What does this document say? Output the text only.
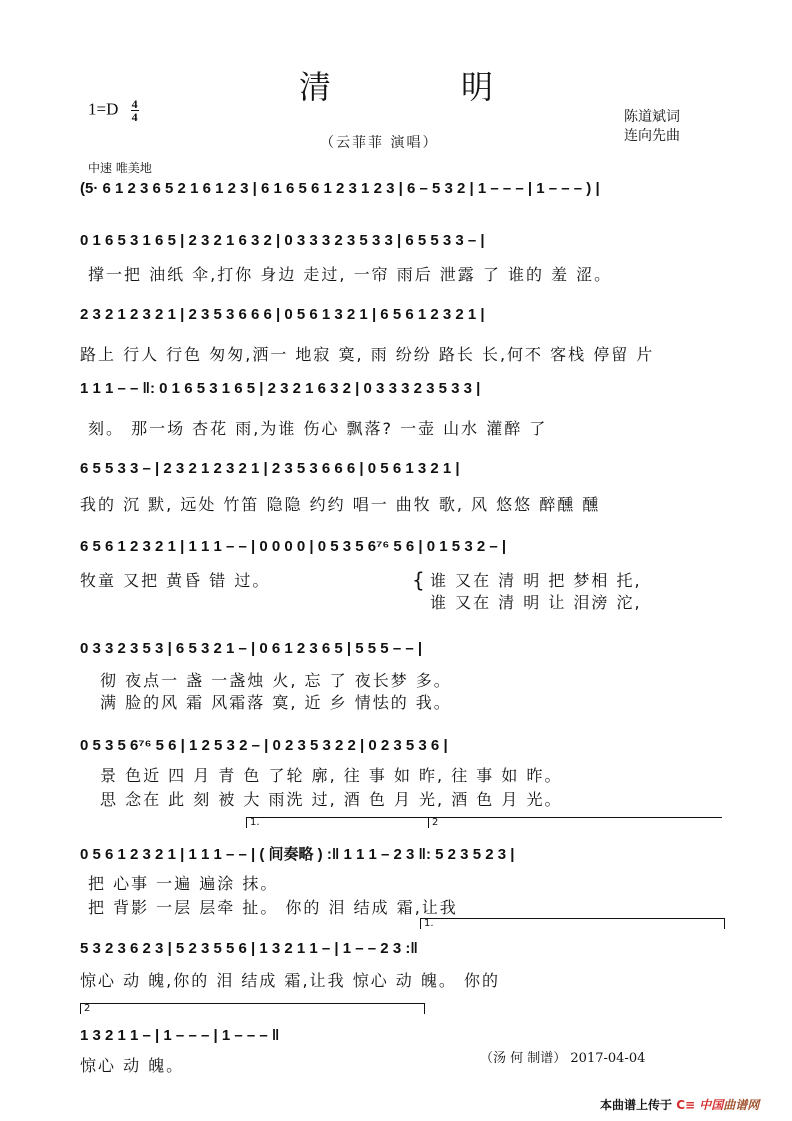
清	明
$1=D \frac{4}{4}$
（云菲菲 演唱）
陈道斌词
连向先曲
中速 唯美地
(5· 6 1 2 3 6 5 2 1 6 1 2 3 | 6 1 6 5 6 1 2 3 1 2 3 | 6 – 5 3 2 | 1 – – – | 1 – – – ) |
0 1 6 5 3 1 6 5 | 2 3 2 1 6 3 2 | 0 3 3 3 2 3 5 3 3 | 6 5 5 3 3 – |
撑一把 油纸 伞,打你 身边 走过, 一帘 雨后 泄露 了 谁的 羞 涩。
2 3 2 1 2 3 2 1 | 2 3 5 3 6 6 6 | 0 5 6 1 3 2 1 | 6 5 6 1 2 3 2 1 |
路上 行人 行色 匆匆,洒一 地寂 寞, 雨 纷纷 路长 长,何不 客栈 停留 片
1 1 1 – – ‖: 0 1 6 5 3 1 6 5 | 2 3 2 1 6 3 2 | 0 3 3 3 2 3 5 3 3 |
刻。 那一场 杏花 雨,为谁 伤心 飘落? 一壶 山水 灌醉 了
6 5 5 3 3 – | 2 3 2 1 2 3 2 1 | 2 3 5 3 6 6 6 | 0 5 6 1 3 2 1 |
我的 沉 默, 远处 竹笛 隐隐 约约 唱一 曲牧 歌, 风 悠悠 醉醺 醺
6 5 6 1 2 3 2 1 | 1 1 1 – – | 0 0 0 0 | 0 5 3 5 6⁷⁶ 5 6 | 0 1 5 3 2 – |
牧童 又把 黄昏 错 过。	{ 谁 又在 清 明 把 梦相 托,
谁 又在 清 明 让 泪滂 沱,
0 3 3 2 3 5 3 | 6 5 3 2 1 – | 0 6 1 2 3 6 5 | 5 5 5 – – |
彻 夜点一 盏 一盏烛 火, 忘 了 夜长梦 多。
满 脸的风 霜 风霜落 寞, 近 乡 情怯的 我。
0 5 3 5 6⁷⁶ 5 6 | 1 2 5 3 2 – | 0 2 3 5 3 2 2 | 0 2 3 5 3 6 |
景 色近 四 月 青 色 了轮 廓, 往 事 如 昨, 往 事 如 昨。
思 念在 此 刻 被 大 雨洗 过, 酒 色 月 光, 酒 色 月 光。
1.	2
0 5 6 1 2 3 2 1 | 1 1 1 – – | ( 间奏略 ) :‖ 1 1 1 – 2 3 ‖: 5 2 3 5 2 3 |
把 心事 一遍 遍涂 抹。
把 背影 一层 层牵 扯。 你的 泪 结成 霜,让我
1.
5 3 2 3 6 2 3 | 5 2 3 5 5 6 | 1 3 2 1 1 – | 1 – – 2 3 :‖
惊心 动 魄,你的 泪 结成 霜,让我 惊心 动 魄。 你的
2
1 3 2 1 1 – | 1 – – – | 1 – – – ‖
惊心 动 魄。	（汤 何 制谱） 2017-04-04
本曲谱上传于 C≡ 中国曲谱网
